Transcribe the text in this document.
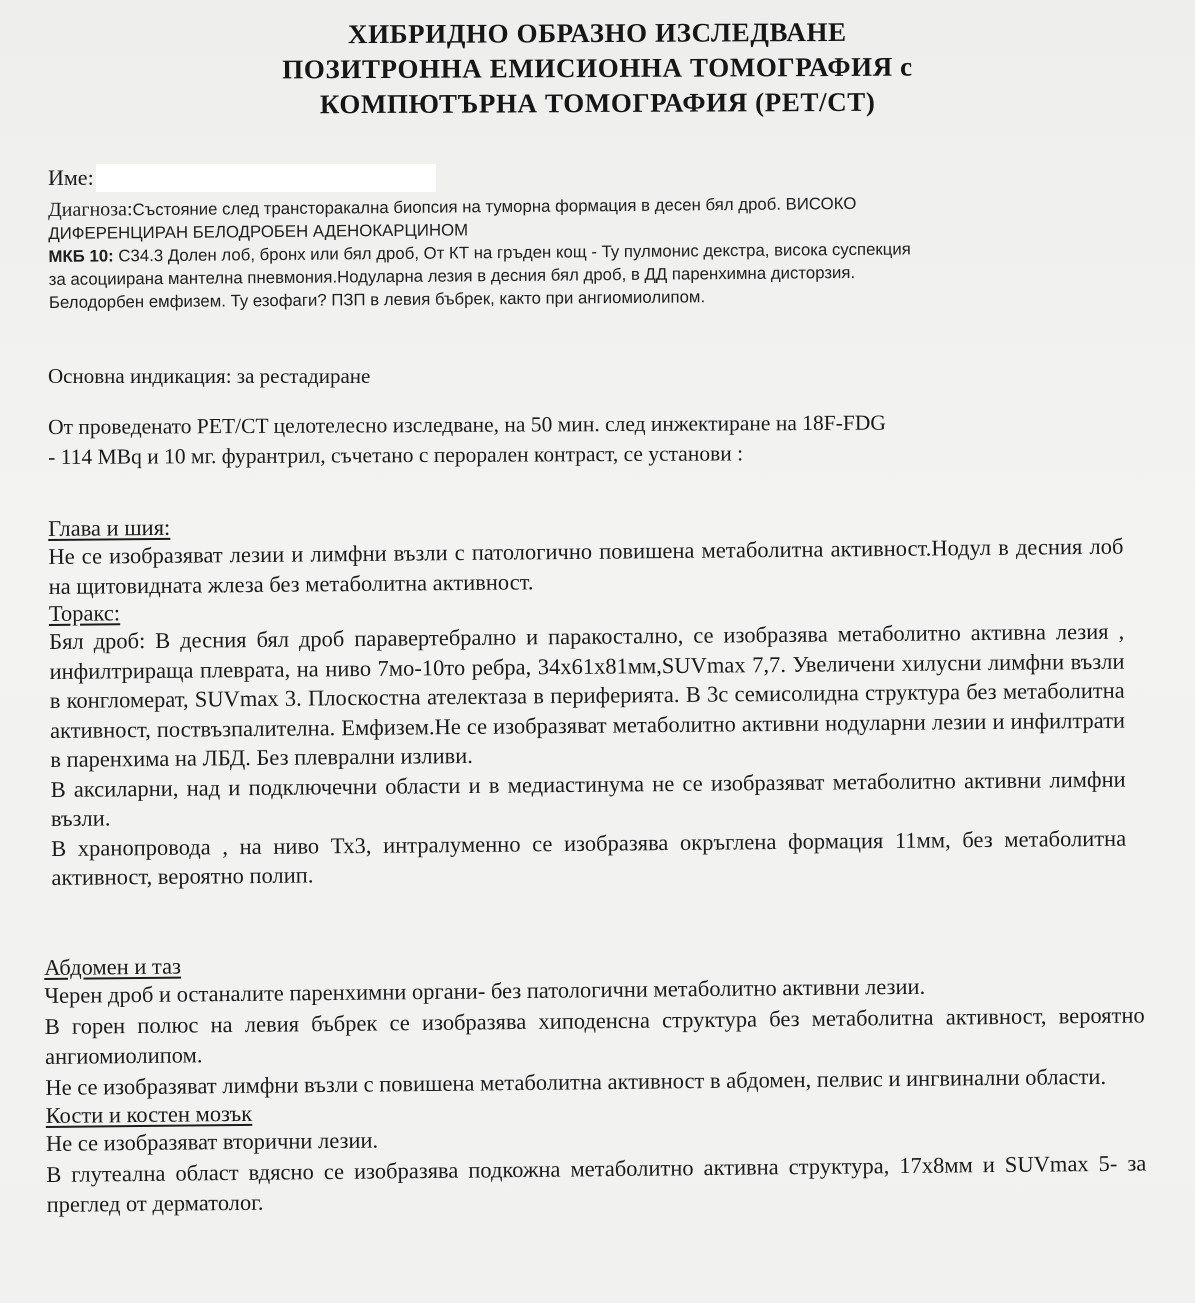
ХИБРИДНО ОБРАЗНО ИЗСЛЕДВАНЕ
ПОЗИТРОННА ЕМИСИОННА ТОМОГРАФИЯ с
КОМПЮТЪРНА ТОМОГРАФИЯ (PET/CT)
Име:
Диагноза:Състояние след трансторакална биопсия на туморна формация в десен бял дроб. ВИСОКО
ДИФЕРЕНЦИРАН БЕЛОДРОБЕН АДЕНОКАРЦИНОМ
МКБ 10: С34.3 Долен лоб, бронх или бял дроб, От КТ на гръден кощ - Ту пулмонис декстра, висока суспекция
за асоциирана мантелна пневмония.Нодуларна лезия в десния бял дроб, в ДД паренхимна дисторзия.
Белодорбен емфизем. Ту езофаги? ПЗП в левия бъбрек, както при ангиомиолипом.
Основна индикация: за рестадиране
От проведенато PET/CT целотелесно изследване, на 50 мин. след инжектиране на 18F-FDG
- 114 MBq и 10 мг. фурантрил, съчетано с перорален контраст, се установи :

Глава и шия:

Не се изобразяват лезии и лимфни възли с патологично повишена метаболитна активност.Нодул в десния лоб на щитовидната жлеза без метаболитна активност.

Торакс:

Бял дроб: В десния бял дроб паравертебрално и паракостално, се изобразява метаболитно активна лезия , инфилтрираща плеврата, на ниво 7мо-10то ребра, 34х61х81мм,SUVmax 7,7. Увеличени хилусни лимфни възли в конгломерат, SUVmax 3. Плоскостна ателектаза в периферията. В 3с семисолидна структура без метаболитна активност, поствъзпалителна. Емфизем.Не се изобразяват метаболитно активни нодуларни лезии и инфилтрати в паренхима на ЛБД. Без плеврални изливи.

В аксиларни, над и подключечни области и в медиастинума не се изобразяват метаболитно активни лимфни възли.

В хранопровода , на ниво Тх3, интралуменно се изобразява окръглена формация 11мм, без метаболитна активност, вероятно полип.

Абдомен и таз

Черен дроб и останалите паренхимни органи- без патологични метаболитно активни лезии.

В горен полюс на левия бъбрек се изобразява хиподенсна структура без метаболитна активност, вероятно ангиомиолипом.

Не се изобразяват лимфни възли с повишена метаболитна активност в абдомен, пелвис и ингвинални области.

Кости и костен мозък

Не се изобразяват вторични лезии.

В глутеална област вдясно се изобразява подкожна метаболитно активна структура, 17х8мм и SUVmax 5- за преглед от дерматолог.
